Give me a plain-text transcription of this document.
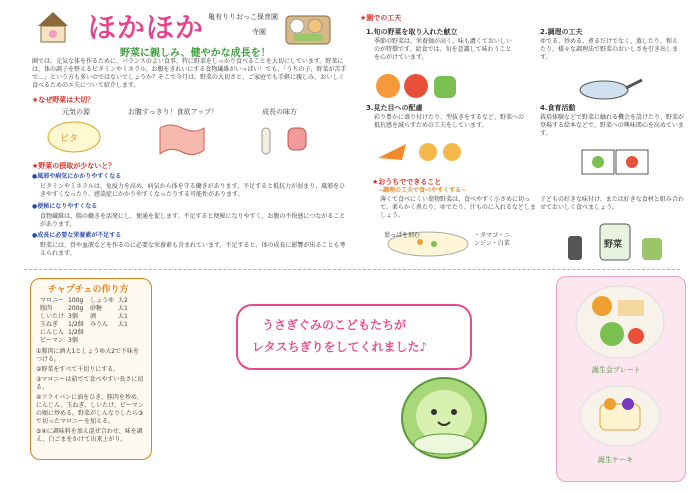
ほかほか 亀有りりおっこ保育園
寺園
野菜に親しみ、健やかな成長を！
園では、元気な体を作るために、バランスのよい食事、特に野菜をしっかり食べることを大切にしています。野菜には、体の調子を整えるビタミンやミネラル、お腹をきれいにする食物繊維がいっぱい！でも、「うちの子、野菜が苦手で…」という方も多いのではないでしょうか？そこで今月は、野菜の大切さと、ご家庭でも手軽に親しみ、おいしく食べるためのエ夫について紹介します。
★なぜ野菜は大切？
元気の源	お腹すっきり！食欲アップ！	成長の味方
ビタ
★野菜の摂取が少ないと？
●風邪や病気にかかりやすくなる
ビタミンやミネラルは、免疫力を高め、病気から体を守る働きがあります。不足すると抵抗力が弱まり、風邪をひきやすくなったり、感染症にかかりやすくなったりする可能性があります。
●便秘になりやすくなる
食物繊維は、腸の働きを活発にし、便通を促します。不足すると便秘になりやすく、お腹の不快感につながることがあります。
●成長に必要な栄養素が不足する
野菜には、骨や血液などを作るのに必要な栄養素も含まれています。不足すると、体の成長に影響が出ることも考えられます。
★園での工夫
1.旬の野菜を取り入れた献立
季節の野菜は、栄養価が高く、味も濃くておいしいのが特徴です。給食では、旬を意識して味わうことを心がけています。
2.調理の工夫
ゆでる、炒める、煮るだけでなく、蒸したり、和えたり、様々な調理法で野菜のおいしさを引き出します。
3.見た目への配慮
彩り豊かに盛り付けたり、型抜きをするなど、野菜への抵抗感を減らすための工夫をしています。
4.食育活動
栽培体験などで野菜に触れる機会を設けたり、野菜が登場する絵本などで、野菜への興味関心を高めています。
★おうちでできること
~調理の工夫で食べやすくする~
薄くて食べにくい葉物野菜は、食べやすく小さめに切って、柔らかく煮たり、ゆでたり、汁ものに入れるなどしましょう。
子どもの好きな味付け、または好きな食材と組み合わせておいしく食べましょう。
葉っぱを刻む	・タマゴ・ニンジン・白菜	野菜
チャプチェの作り方
マロニー 100g	しょうゆ 大2
豚肉	200g	砂糖	大1
しいたけ 3個	酒	大1
玉ねぎ	1/2個	みりん	大1
にんじん 1/2個
ピーマン 3個
①豚肉に酒大1としょうゆ大2で下味をつける。
②野菜をすべて千切りにする。
③マロニーは茹でて食べやすい長さに切る。
④フライパンに油をひき、豚肉を炒め、にんじん、玉ねぎ、しいたけ、ピーマンの順に炒める。野菜がしんなりしたら③で切ったマロニーを加える。
⑤④に調味料を加え混ぜ合わせ、味を調え、白ごまをかけて出来上がり。
うさぎぐみのこどもたちが
レタスちぎりをしてくれました♪
誕生会プレート
誕生ケーキ
